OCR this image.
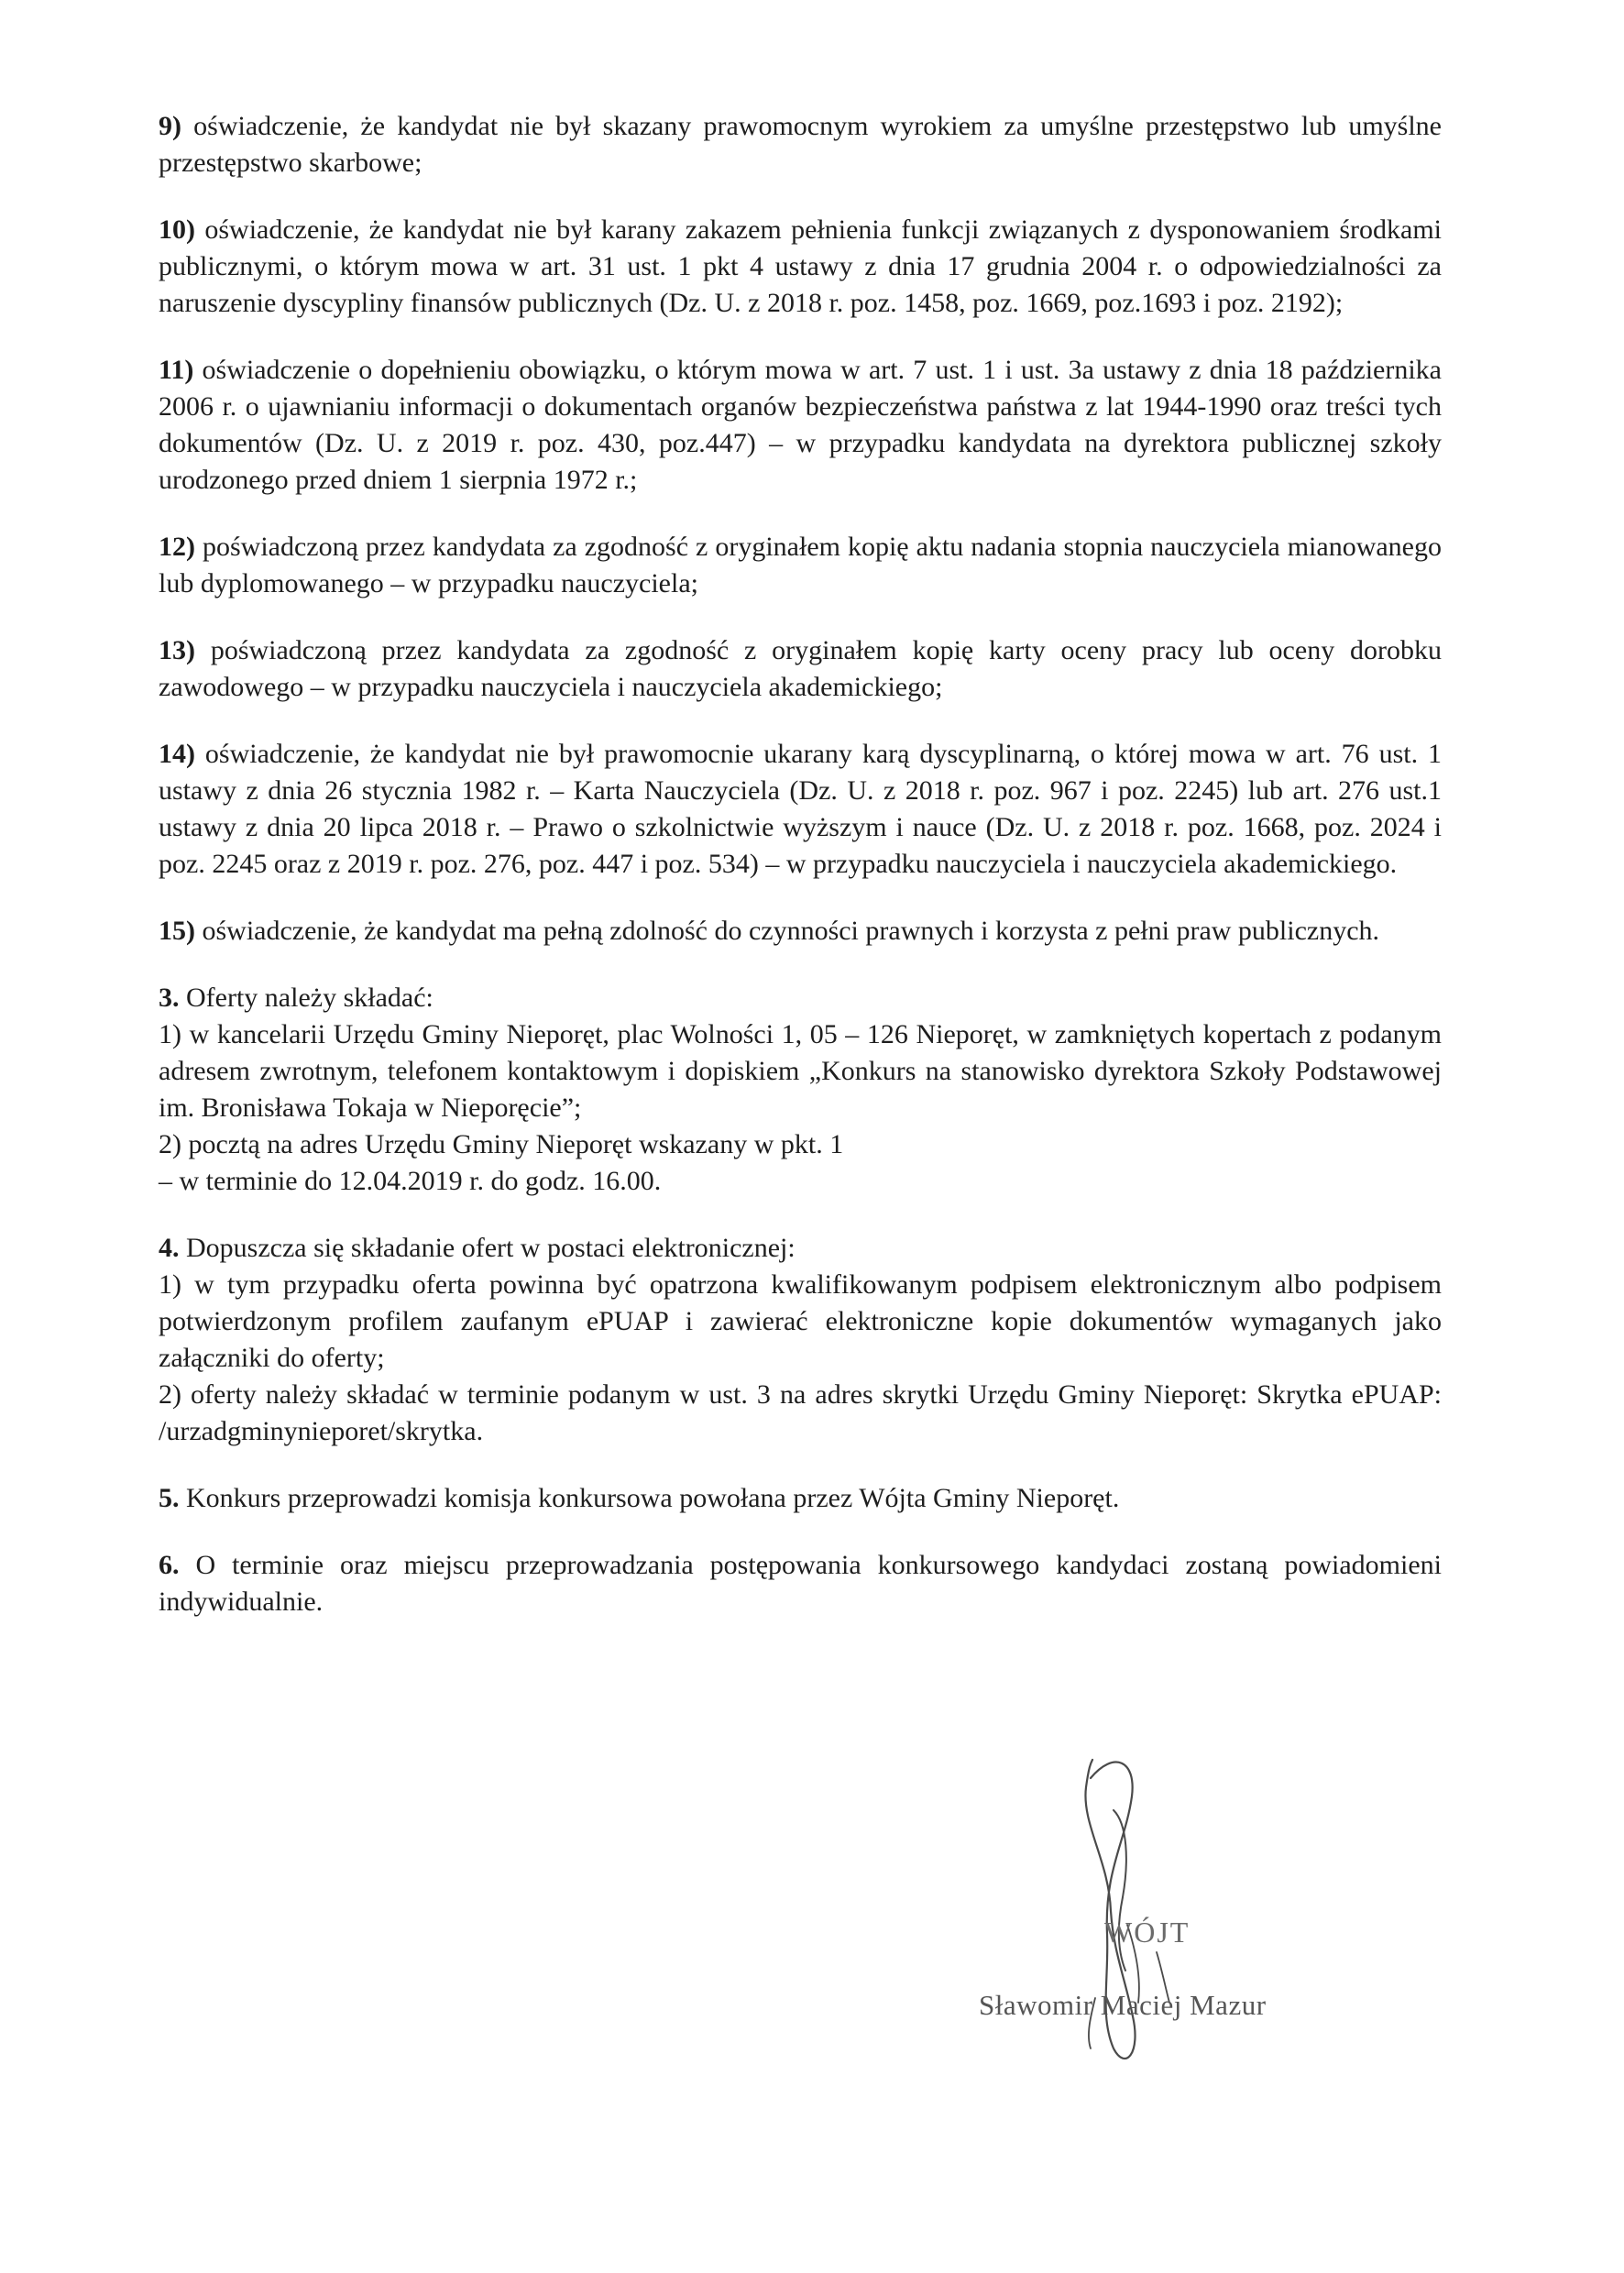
9) oświadczenie, że kandydat nie był skazany prawomocnym wyrokiem za umyślne przestępstwo lub umyślne przestępstwo skarbowe;

10) oświadczenie, że kandydat nie był karany zakazem pełnienia funkcji związanych z dysponowaniem środkami publicznymi, o którym mowa w art. 31 ust. 1 pkt 4 ustawy z dnia 17 grudnia 2004 r. o odpowiedzialności za naruszenie dyscypliny finansów publicznych (Dz. U. z 2018 r. poz. 1458, poz. 1669, poz.1693 i poz. 2192);

11) oświadczenie o dopełnieniu obowiązku, o którym mowa w art. 7 ust. 1 i ust. 3a ustawy z dnia 18 października 2006 r. o ujawnianiu informacji o dokumentach organów bezpieczeństwa państwa z lat 1944-1990 oraz treści tych dokumentów (Dz. U. z 2019 r. poz. 430, poz.447) – w przypadku kandydata na dyrektora publicznej szkoły urodzonego przed dniem 1 sierpnia 1972 r.;

12) poświadczoną przez kandydata za zgodność z oryginałem kopię aktu nadania stopnia nauczyciela mianowanego lub dyplomowanego – w przypadku nauczyciela;

13) poświadczoną przez kandydata za zgodność z oryginałem kopię karty oceny pracy lub oceny dorobku zawodowego – w przypadku nauczyciela i nauczyciela akademickiego;

14) oświadczenie, że kandydat nie był prawomocnie ukarany karą dyscyplinarną, o której mowa w art. 76 ust. 1 ustawy z dnia 26 stycznia 1982 r. – Karta Nauczyciela (Dz. U. z 2018 r. poz. 967 i poz. 2245) lub art. 276 ust.1 ustawy z dnia 20 lipca 2018 r. – Prawo o szkolnictwie wyższym i nauce (Dz. U. z 2018 r. poz. 1668, poz. 2024 i poz. 2245 oraz z 2019 r. poz. 276, poz. 447 i poz. 534) – w przypadku nauczyciela i nauczyciela akademickiego.

15) oświadczenie, że kandydat ma pełną zdolność do czynności prawnych i korzysta z pełni praw publicznych.

3. Oferty należy składać:
1) w kancelarii Urzędu Gminy Nieporęt, plac Wolności 1, 05 – 126 Nieporęt, w zamkniętych kopertach z podanym adresem zwrotnym, telefonem kontaktowym i dopiskiem „Konkurs na stanowisko dyrektora Szkoły Podstawowej im. Bronisława Tokaja w Nieporęcie”;
2) pocztą na adres Urzędu Gminy Nieporęt wskazany w pkt. 1
– w terminie do 12.04.2019 r. do godz. 16.00.
4. Dopuszcza się składanie ofert w postaci elektronicznej:
1) w tym przypadku oferta powinna być opatrzona kwalifikowanym podpisem elektronicznym albo podpisem potwierdzonym profilem zaufanym ePUAP i zawierać elektroniczne kopie dokumentów wymaganych jako załączniki do oferty;
2) oferty należy składać w terminie podanym w ust. 3 na adres skrytki Urzędu Gminy Nieporęt: Skrytka ePUAP: /urzadgminynieporet/skrytka.

5. Konkurs przeprowadzi komisja konkursowa powołana przez Wójta Gminy Nieporęt.

6. O terminie oraz miejscu przeprowadzania postępowania konkursowego kandydaci zostaną powiadomieni indywidualnie.

WÓJT
Sławomir Maciej Mazur
